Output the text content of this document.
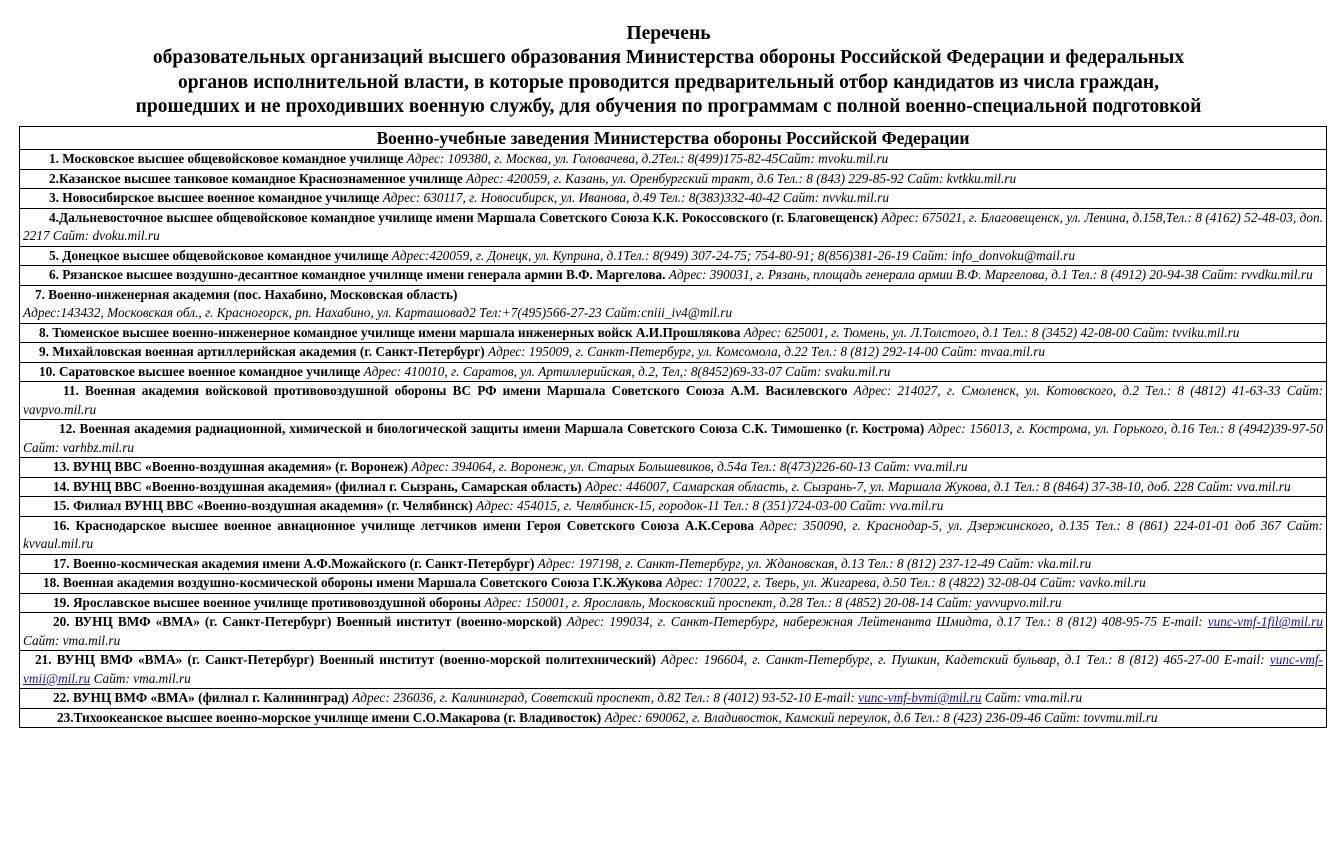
Перечень
образовательных организаций высшего образования Министерства обороны Российской Федерации и федеральных
органов исполнительной власти, в которые проводится предварительный отбор кандидатов из числа граждан,
прошедших и не проходивших военную службу, для обучения по программам с полной военно-специальной подготовкой
Военно-учебные заведения Министерства обороны Российской Федерации
1. Московское высшее общевойсковое командное училище Адрес: 109380, г. Москва, ул. Головачева, д.2Тел.: 8(499)175-82-45Сайт: mvoku.mil.ru
2.Казанское высшее танковое командное Краснознаменное училище Адрес: 420059, г. Казань, ул. Оренбургский тракт, д.6 Тел.: 8 (843) 229-85-92 Сайт: kvtkku.mil.ru
3. Новосибирское высшее военное командное училище Адрес: 630117, г. Новосибирск, ул. Иванова, д.49 Тел.: 8(383)332-40-42 Сайт: nvvku.mil.ru
4.Дальневосточное высшее общевойсковое командное училище имени Маршала Советского Союза К.К. Рокоссовского (г. Благовещенск) Адрес: 675021, г. Благовещенск, ул. Ленина, д.158,Тел.: 8 (4162) 52-48-03, доп. 2217 Сайт: dvoku.mil.ru
5. Донецкое высшее общевойсковое командное училище Адрес:420059, г. Донецк, ул. Куприна, д.1Тел.: 8(949) 307-24-75; 754-80-91; 8(856)381-26-19 Сайт: info_donvoku@mail.ru
6. Рязанское высшее воздушно-десантное командное училище имени генерала армии В.Ф. Маргелова. Адрес: 390031, г. Рязань, площадь генерала армии В.Ф. Маргелова, д.1 Тел.: 8 (4912) 20-94-38 Сайт: rvvdku.mil.ru
7. Военно-инженерная академия (пос. Нахабино, Московская область)
Адрес:143432, Московская обл., г. Красногорск, рп. Нахабино, ул. Карташовад2 Тел:+7(495)566-27-23 Сайт:cniii_iv4@mil.ru
8. Тюменское высшее военно-инженерное командное училище имени маршала инженерных войск А.И.Прошлякова Адрес: 625001, г. Тюмень, ул. Л.Толстого, д.1 Тел.: 8 (3452) 42-08-00 Сайт: tvviku.mil.ru
9. Михайловская военная артиллерийская академия (г. Санкт-Петербург) Адрес: 195009, г. Санкт-Петербург, ул. Комсомола, д.22 Тел.: 8 (812) 292-14-00 Сайт: mvaa.mil.ru
10. Саратовское высшее военное командное училище Адрес: 410010, г. Саратов, ул. Артиллерийская, д.2, Тел,: 8(8452)69-33-07 Сайт: svaku.mil.ru
11. Военная академия войсковой противовоздушной обороны ВС РФ имени Маршала Советского Союза А.М. Василевского Адрес: 214027, г. Смоленск, ул. Котовского, д.2 Тел.: 8 (4812) 41-63-33 Сайт: vavpvo.mil.ru
12. Военная академия радиационной, химической и биологической защиты имени Маршала Советского Союза С.К. Тимошенко (г. Кострома) Адрес: 156013, г. Кострома, ул. Горького, д.16 Тел.: 8 (4942)39-97-50 Сайт: varhbz.mil.ru
13. ВУНЦ ВВС «Военно-воздушная академия» (г. Воронеж) Адрес: 394064, г. Воронеж, ул. Старых Большевиков, д.54а Тел.: 8(473)226-60-13 Сайт: vva.mil.ru
14. ВУНЦ ВВС «Военно-воздушная академия» (филиал г. Сызрань, Самарская область) Адрес: 446007, Самарская область, г. Сызрань-7, ул. Маршала Жукова, д.1 Тел.: 8 (8464) 37-38-10, доб. 228 Сайт: vva.mil.ru
15. Филиал ВУНЦ ВВС «Военно-воздушная академия» (г. Челябинск) Адрес: 454015, г. Челябинск-15, городок-11 Тел.: 8 (351)724-03-00 Сайт: vva.mil.ru
16. Краснодарское высшее военное авиационное училище летчиков имени Героя Советского Союза А.К.Серова Адрес: 350090, г. Краснодар-5, ул. Дзержинского, д.135 Тел.: 8 (861) 224-01-01 доб 367 Сайт: kvvaul.mil.ru
17. Военно-космическая академия имени А.Ф.Можайского (г. Санкт-Петербург) Адрес: 197198, г. Санкт-Петербург, ул. Ждановская, д.13 Тел.: 8 (812) 237-12-49 Сайт: vka.mil.ru
18. Военная академия воздушно-космической обороны имени Маршала Советского Союза Г.К.Жукова Адрес: 170022, г. Тверь, ул. Жигарева, д.50 Тел.: 8 (4822) 32-08-04 Сайт: vavko.mil.ru
19. Ярославское высшее военное училище противовоздушной обороны Адрес: 150001, г. Ярославль, Московский проспект, д.28 Тел.: 8 (4852) 20-08-14 Сайт: yavvupvo.mil.ru
20. ВУНЦ ВМФ «ВМА» (г. Санкт-Петербург) Военный институт (военно-морской) Адрес: 199034, г. Санкт-Петербург, набережная Лейтенанта Шмидта, д.17 Тел.: 8 (812) 408-95-75 E-mail: vunc-vmf-1fil@mil.ru Сайт: vma.mil.ru
21. ВУНЦ ВМФ «ВМА» (г. Санкт-Петербург) Военный институт (военно-морской политехнический) Адрес: 196604, г. Санкт-Петербург, г. Пушкин, Кадетский бульвар, д.1 Тел.: 8 (812) 465-27-00 E-mail: vunc-vmf-vmii@mil.ru Сайт: vma.mil.ru
22. ВУНЦ ВМФ «ВМА» (филиал г. Калининград) Адрес: 236036, г. Калининград, Советский проспект, д.82 Тел.: 8 (4012) 93-52-10 E-mail: vunc-vmf-bvmi@mil.ru Сайт: vma.mil.ru
23.Тихоокеанское высшее военно-морское училище имени С.О.Макарова (г. Владивосток) Адрес: 690062, г. Владивосток, Камский переулок, д.6 Тел.: 8 (423) 236-09-46 Сайт: tovvmu.mil.ru
